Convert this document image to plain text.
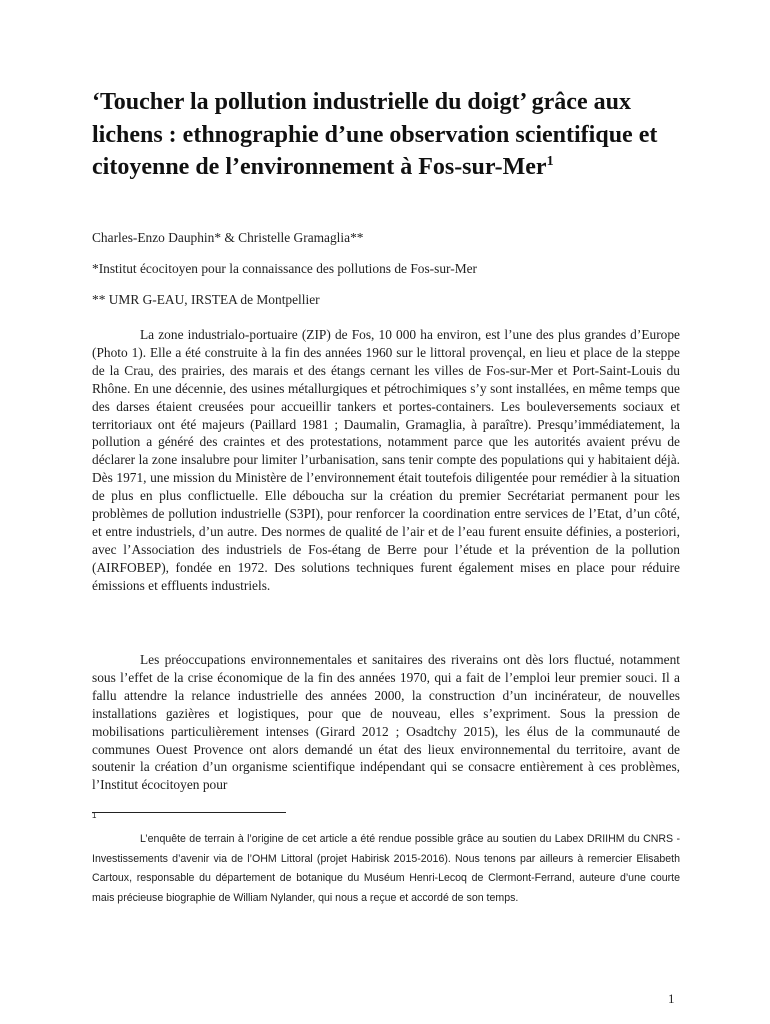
‘Toucher la pollution industrielle du doigt’ grâce aux lichens : ethnographie d’une observation scientifique et citoyenne de l’environnement à Fos-sur-Mer$^1$

Charles-Enzo Dauphin* & Christelle Gramaglia**

*Institut écocitoyen pour la connaissance des pollutions de Fos-sur-Mer

** UMR G-EAU, IRSTEA de Montpellier

La zone industrialo-portuaire (ZIP) de Fos, 10 000 ha environ, est l’une des plus grandes d’Europe (Photo 1). Elle a été construite à la fin des années 1960 sur le littoral provençal, en lieu et place de la steppe de la Crau, des prairies, des marais et des étangs cernant les villes de Fos-sur-Mer et Port-Saint-Louis du Rhône. En une décennie, des usines métallurgiques et pétrochimiques s’y sont installées, en même temps que des darses étaient creusées pour accueillir tankers et portes-containers. Les bouleversements sociaux et territoriaux ont été majeurs (Paillard 1981 ; Daumalin, Gramaglia, à paraître). Presqu’immédiatement, la pollution a généré des craintes et des protestations, notamment parce que les autorités avaient prévu de déclarer la zone insalubre pour limiter l’urbanisation, sans tenir compte des populations qui y habitaient déjà. Dès 1971, une mission du Ministère de l’environnement était toutefois diligentée pour remédier à la situation de plus en plus conflictuelle. Elle déboucha sur la création du premier Secrétariat permanent pour les problèmes de pollution industrielle (S3PI), pour renforcer la coordination entre services de l’Etat, d’un côté, et entre industriels, d’un autre. Des normes de qualité de l’air et de l’eau furent ensuite définies, a posteriori, avec l’Association des industriels de Fos-étang de Berre pour l’étude et la prévention de la pollution (AIRFOBEP), fondée en 1972. Des solutions techniques furent également mises en place pour réduire émissions et effluents industriels.

Les préoccupations environnementales et sanitaires des riverains ont dès lors fluctué, notamment sous l’effet de la crise économique de la fin des années 1970, qui a fait de l’emploi leur premier souci. Il a fallu attendre la relance industrielle des années 2000, la construction d’un incinérateur, de nouvelles installations gazières et logistiques, pour que de nouveau, elles s’expriment. Sous la pression de mobilisations particulièrement intenses (Girard 2012 ; Osadtchy 2015), les élus de la communauté de communes Ouest Provence ont alors demandé un état des lieux environnemental du territoire, avant de soutenir la création d’un organisme scientifique indépendant qui se consacre entièrement à ces problèmes, l’Institut écocitoyen pour

1

L’enquête de terrain à l’origine de cet article a été rendue possible grâce au soutien du Labex DRIIHM du CNRS - Investissements d’avenir via de l’OHM Littoral (projet Habirisk 2015-2016). Nous tenons par ailleurs à remercier Elisabeth Cartoux, responsable du département de botanique du Muséum Henri-Lecoq de Clermont-Ferrand, auteure d’une courte mais précieuse biographie de William Nylander, qui nous a reçue et accordé de son temps.

1
